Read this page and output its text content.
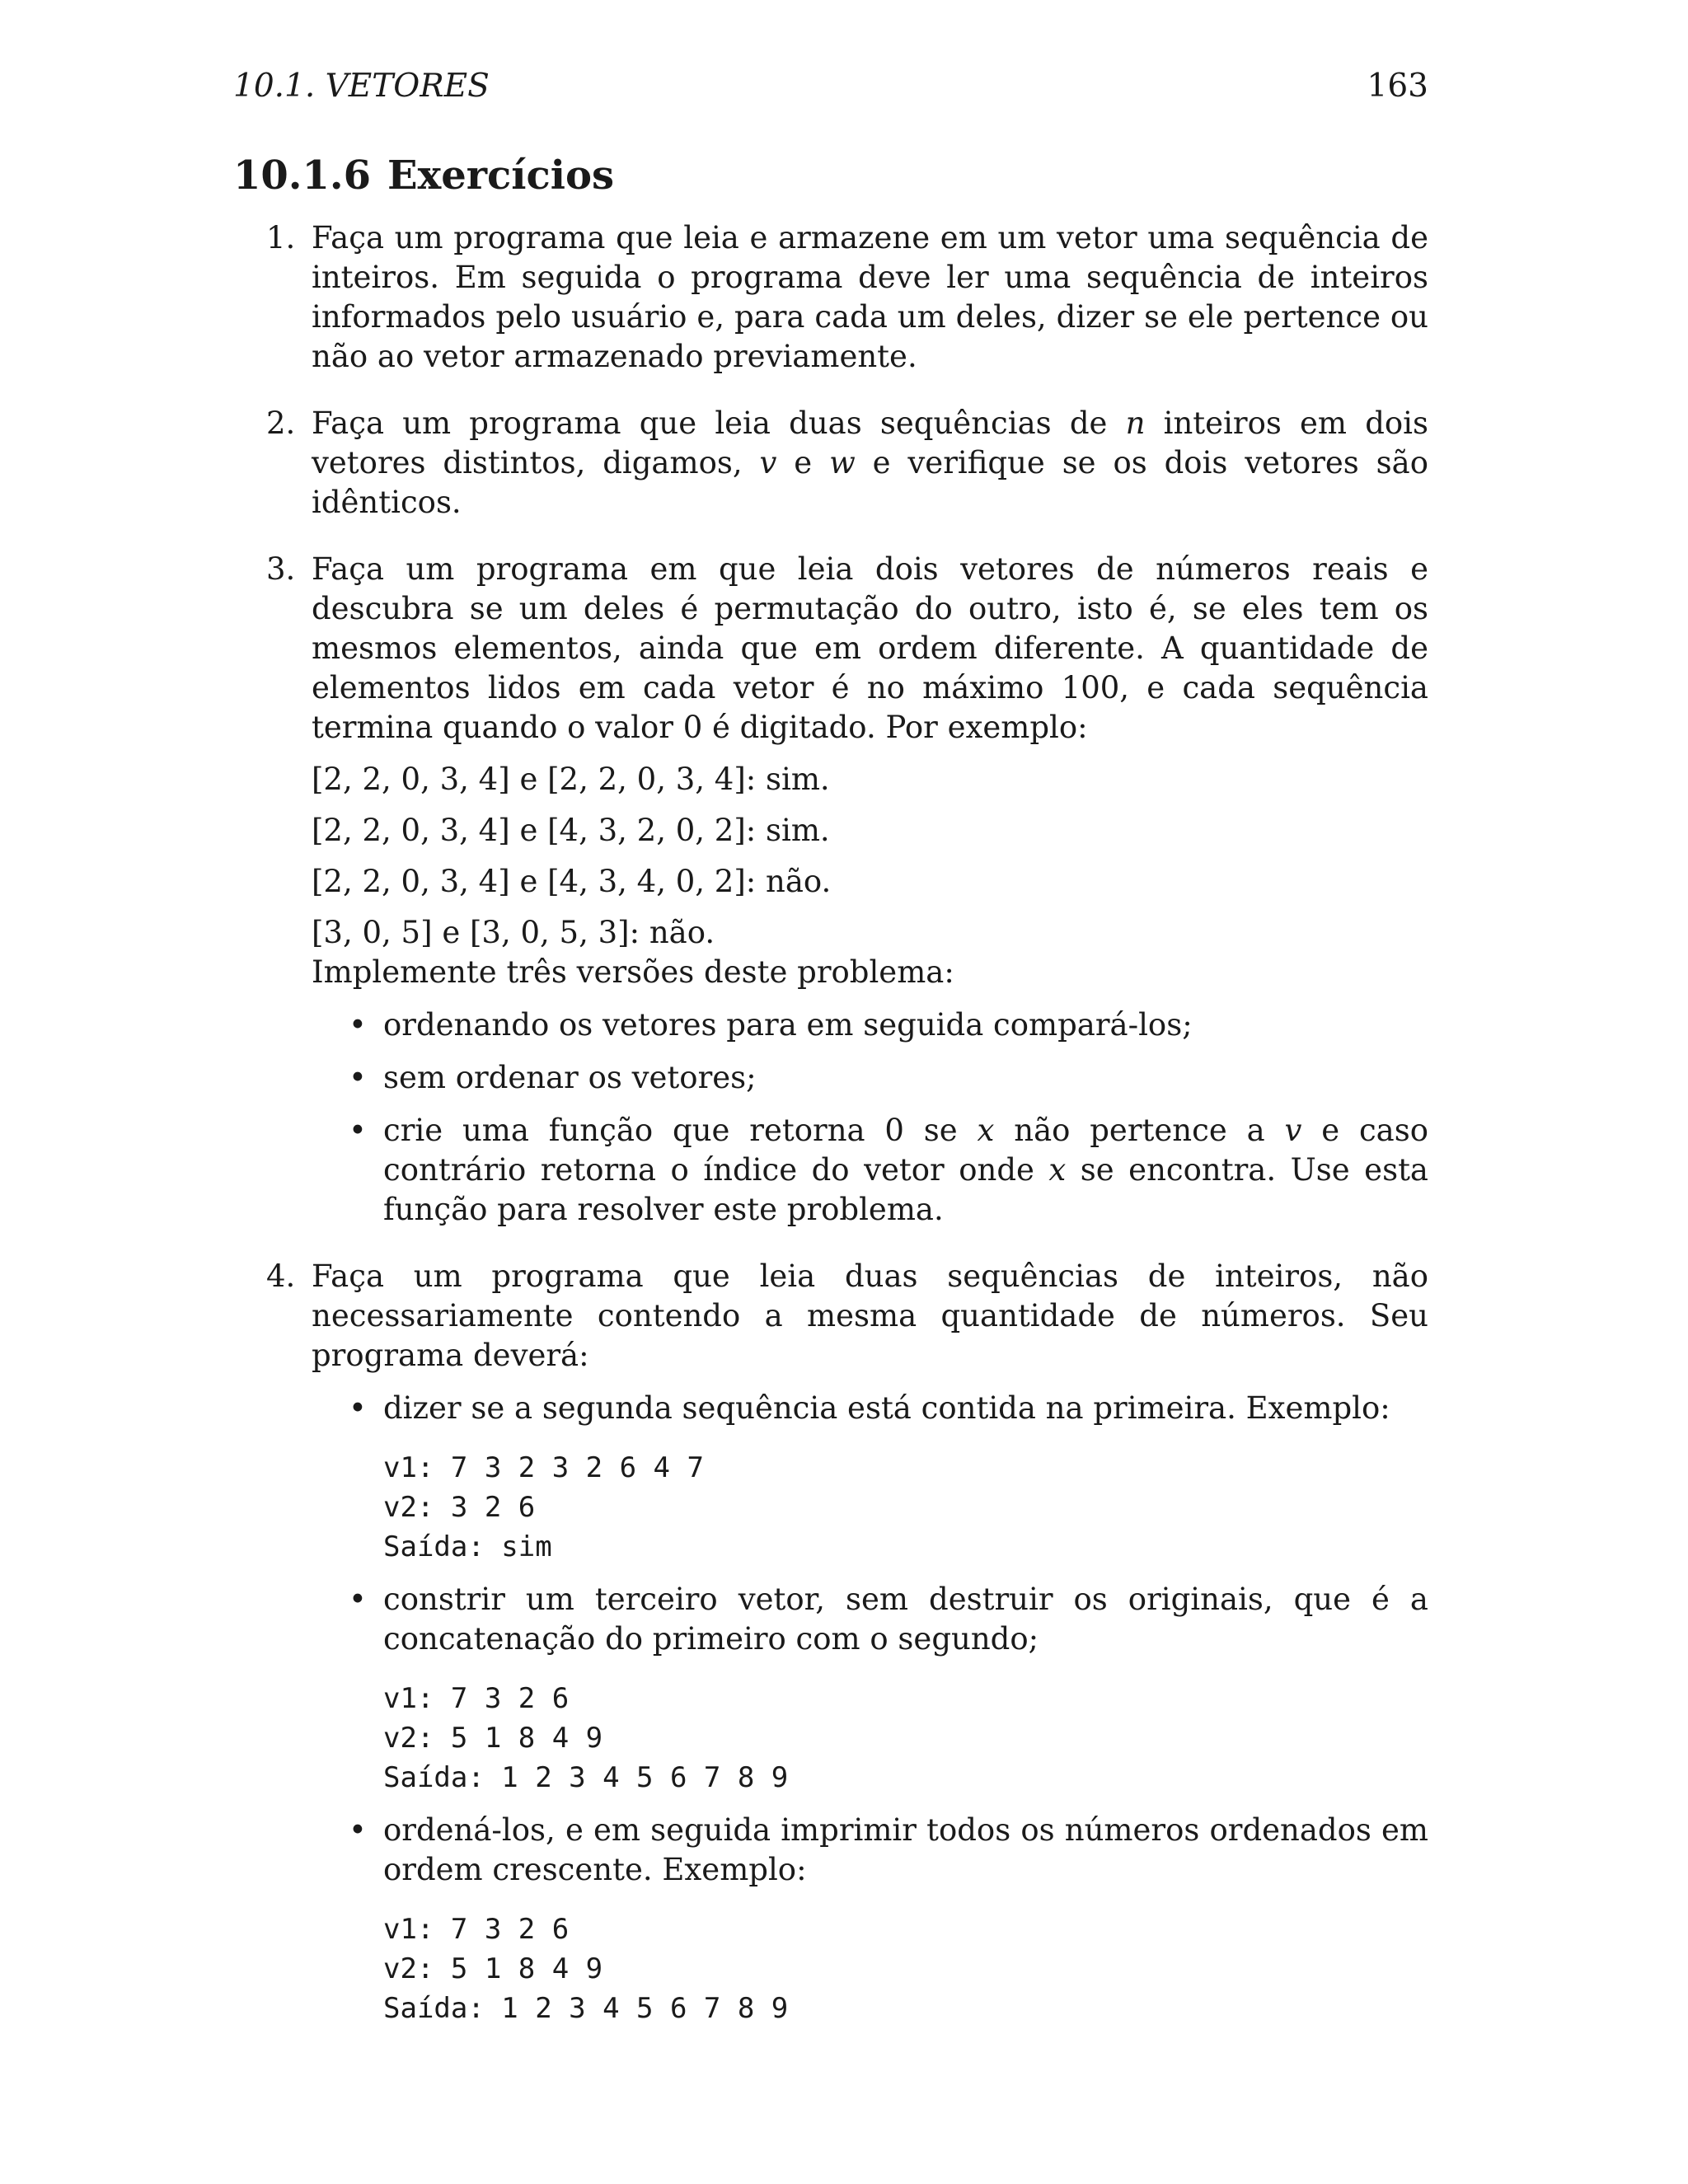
10.1. VETORES	163
10.1.6 Exercícios
1. Faça um programa que leia e armazene em um vetor uma sequência de inteiros. Em seguida o programa deve ler uma sequência de inteiros informados pelo usuário e, para cada um deles, dizer se ele pertence ou não ao vetor armazenado previamente.

2. Faça um programa que leia duas sequências de n inteiros em dois vetores distintos, digamos, v e w e verifique se os dois vetores são idênticos.

3. Faça um programa em que leia dois vetores de números reais e descubra se um deles é permutação do outro, isto é, se eles tem os mesmos elementos, ainda que em ordem diferente. A quantidade de elementos lidos em cada vetor é no máximo 100, e cada sequência termina quando o valor 0 é digitado. Por exemplo:

[2, 2, 0, 3, 4] e [2, 2, 0, 3, 4]: sim.
[2, 2, 0, 3, 4] e [4, 3, 2, 0, 2]: sim.
[2, 2, 0, 3, 4] e [4, 3, 4, 0, 2]: não.
[3, 0, 5] e [3, 0, 5, 3]: não.

Implemente três versões deste problema:

• ordenando os vetores para em seguida compará-los;
• sem ordenar os vetores;
• crie uma função que retorna 0 se x não pertence a v e caso contrário retorna o índice do vetor onde x se encontra. Use esta função para resolver este problema.
4. Faça um programa que leia duas sequências de inteiros, não necessariamente contendo a mesma quantidade de números. Seu programa deverá:

• dizer se a segunda sequência está contida na primeira. Exemplo:
v1: 7 3 2 3 2 6 4 7
v2: 3 2 6
Saída: sim
• constrir um terceiro vetor, sem destruir os originais, que é a concatenação do primeiro com o segundo;
v1: 7 3 2 6
v2: 5 1 8 4 9
Saída: 1 2 3 4 5 6 7 8 9
• ordená-los, e em seguida imprimir todos os números ordenados em ordem crescente. Exemplo:
v1: 7 3 2 6
v2: 5 1 8 4 9
Saída: 1 2 3 4 5 6 7 8 9
